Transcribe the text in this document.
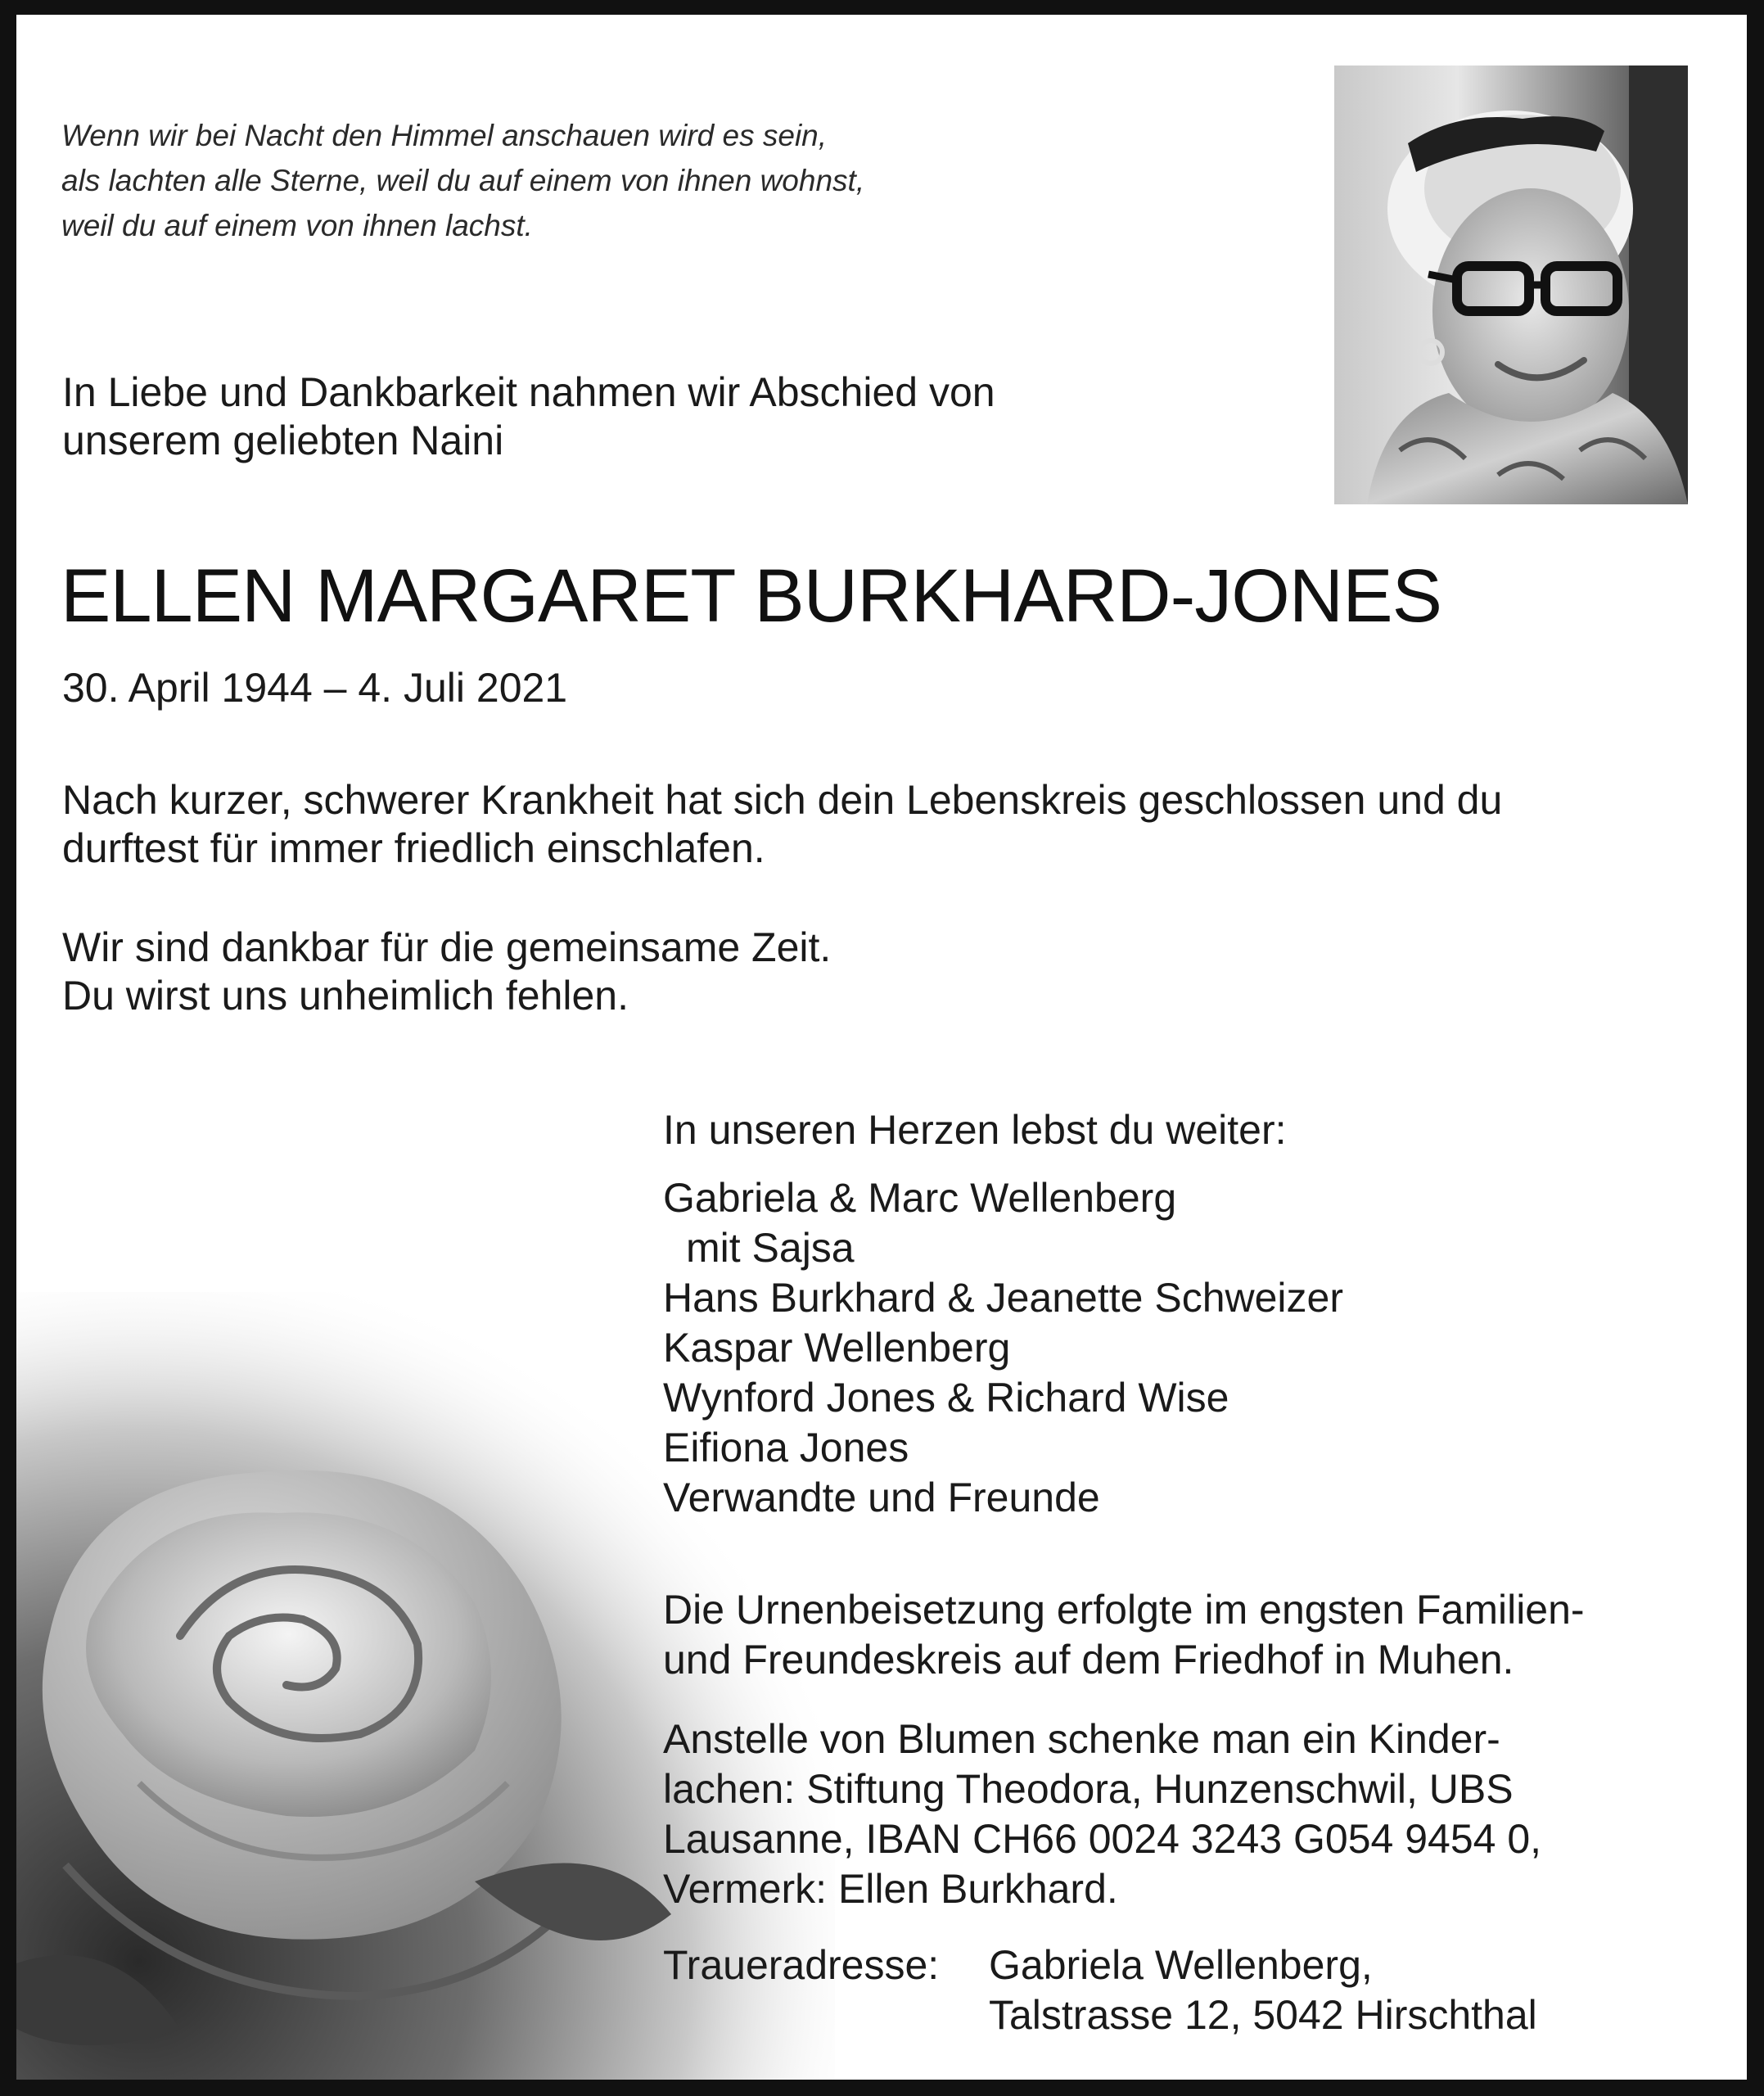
Wenn wir bei Nacht den Himmel anschauen wird es sein,
als lachten alle Sterne, weil du auf einem von ihnen wohnst,
weil du auf einem von ihnen lachst.
In Liebe und Dankbarkeit nahmen wir Abschied von
unserem geliebten Naini
ELLEN MARGARET BURKHARD-JONES
30. April 1944 – 4. Juli 2021
Nach kurzer, schwerer Krankheit hat sich dein Lebenskreis geschlossen und du
durftest für immer friedlich einschlafen.
Wir sind dankbar für die gemeinsame Zeit.
Du wirst uns unheimlich fehlen.
In unseren Herzen lebst du weiter:
Gabriela & Marc Wellenberg
mit Sajsa
Hans Burkhard & Jeanette Schweizer
Kaspar Wellenberg
Wynford Jones & Richard Wise
Eifiona Jones
Verwandte und Freunde
Die Urnenbeisetzung erfolgte im engsten Familien-
und Freundeskreis auf dem Friedhof in Muhen.
Anstelle von Blumen schenke man ein Kinder-
lachen: Stiftung Theodora, Hunzenschwil, UBS
Lausanne, IBAN CH66 0024 3243 G054 9454 0,
Vermerk: Ellen Burkhard.
Traueradresse: Gabriela Wellenberg,
Talstrasse 12, 5042 Hirschthal
